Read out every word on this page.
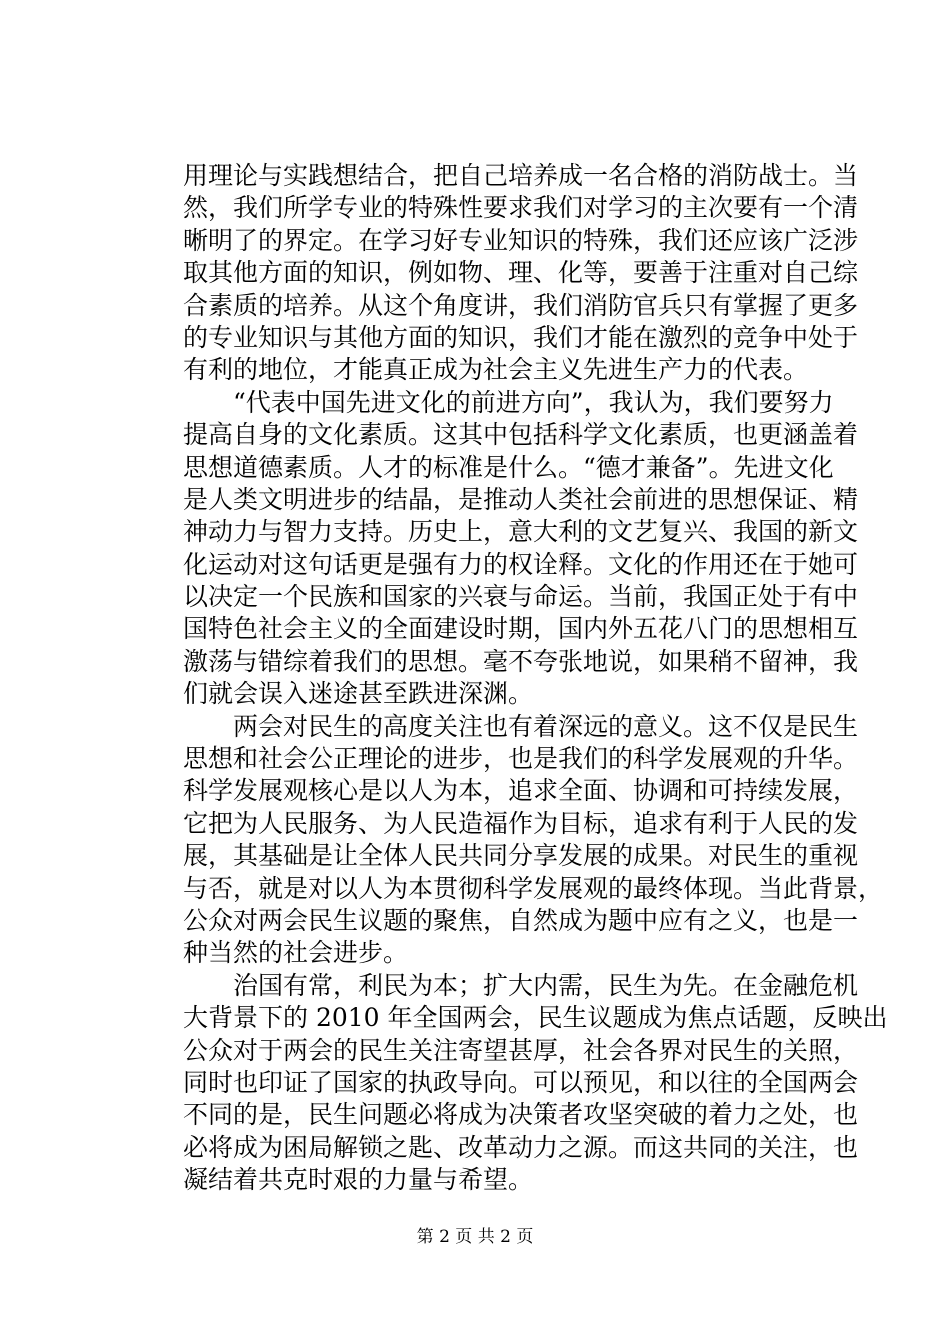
用理论与实践想结合，把自己培养成一名合格的消防战士。当
然，我们所学专业的特殊性要求我们对学习的主次要有一个清
晰明了的界定。在学习好专业知识的特殊，我们还应该广泛涉
取其他方面的知识，例如物、理、化等，要善于注重对自己综
合素质的培养。从这个角度讲，我们消防官兵只有掌握了更多
的专业知识与其他方面的知识，我们才能在激烈的竞争中处于
有利的地位，才能真正成为社会主义先进生产力的代表。
　　“代表中国先进文化的前进方向”，我认为，我们要努力
提高自身的文化素质。这其中包括科学文化素质，也更涵盖着
思想道德素质。人才的标准是什么。“德才兼备”。先进文化
是人类文明进步的结晶，是推动人类社会前进的思想保证、精
神动力与智力支持。历史上，意大利的文艺复兴、我国的新文
化运动对这句话更是强有力的权诠释。文化的作用还在于她可
以决定一个民族和国家的兴衰与命运。当前，我国正处于有中
国特色社会主义的全面建设时期，国内外五花八门的思想相互
激荡与错综着我们的思想。毫不夸张地说，如果稍不留神，我
们就会误入迷途甚至跌进深渊。
　　两会对民生的高度关注也有着深远的意义。这不仅是民生
思想和社会公正理论的进步，也是我们的科学发展观的升华。
科学发展观核心是以人为本，追求全面、协调和可持续发展，
它把为人民服务、为人民造福作为目标，追求有利于人民的发
展，其基础是让全体人民共同分享发展的成果。对民生的重视
与否，就是对以人为本贯彻科学发展观的最终体现。当此背景，
公众对两会民生议题的聚焦，自然成为题中应有之义，也是一
种当然的社会进步。
　　治国有常，利民为本；扩大内需，民生为先。在金融危机
大背景下的 2010 年全国两会，民生议题成为焦点话题，反映出
公众对于两会的民生关注寄望甚厚，社会各界对民生的关照，
同时也印证了国家的执政导向。可以预见，和以往的全国两会
不同的是，民生问题必将成为决策者攻坚突破的着力之处，也
必将成为困局解锁之匙、改革动力之源。而这共同的关注，也
凝结着共克时艰的力量与希望。
第 2 页 共 2 页
